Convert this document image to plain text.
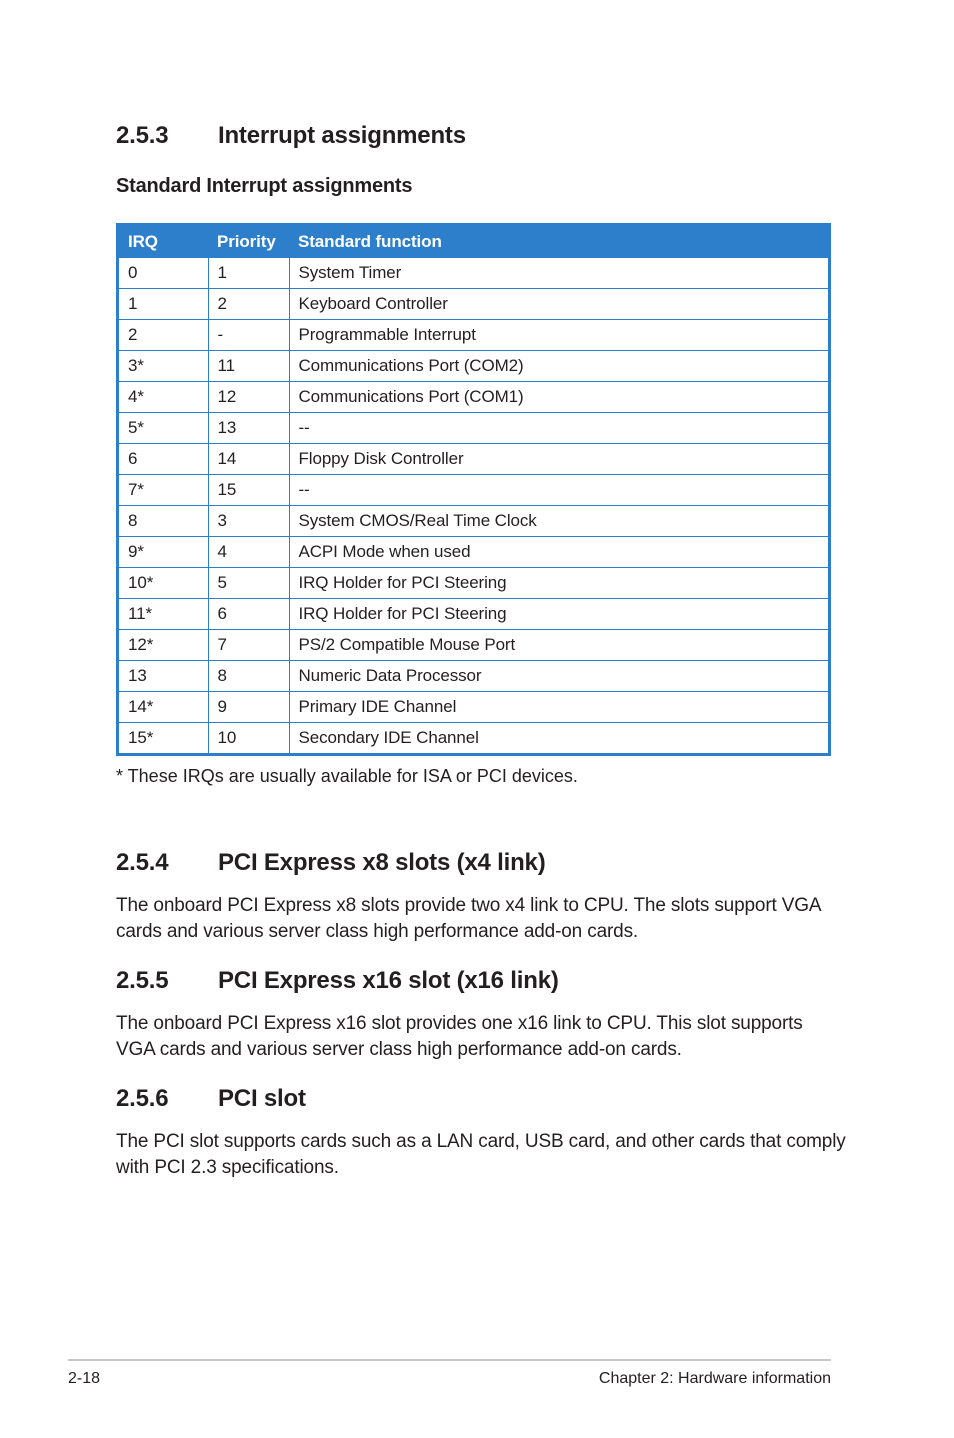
2.5.3 Interrupt assignments
Standard Interrupt assignments
IRQ	Priority	Standard function
0	1	System Timer
1	2	Keyboard Controller
2	-	Programmable Interrupt
3*	11	Communications Port (COM2)
4*	12	Communications Port (COM1)
5*	13	--
6	14	Floppy Disk Controller
7*	15	--
8	3	System CMOS/Real Time Clock
9*	4	ACPI Mode when used
10*	5	IRQ Holder for PCI Steering
11*	6	IRQ Holder for PCI Steering
12*	7	PS/2 Compatible Mouse Port
13	8	Numeric Data Processor
14*	9	Primary IDE Channel
15*	10	Secondary IDE Channel

* These IRQs are usually available for ISA or PCI devices.

2.5.4 PCI Express x8 slots (x4 link)

The onboard PCI Express x8 slots provide two x4 link to CPU. The slots support VGA cards and various server class high performance add-on cards.

2.5.5 PCI Express x16 slot (x16 link)

The onboard PCI Express x16 slot provides one x16 link to CPU. This slot supports VGA cards and various server class high performance add-on cards.

2.5.6 PCI slot

The PCI slot supports cards such as a LAN card, USB card, and other cards that comply with PCI 2.3 specifications.

2-18	Chapter 2: Hardware information
